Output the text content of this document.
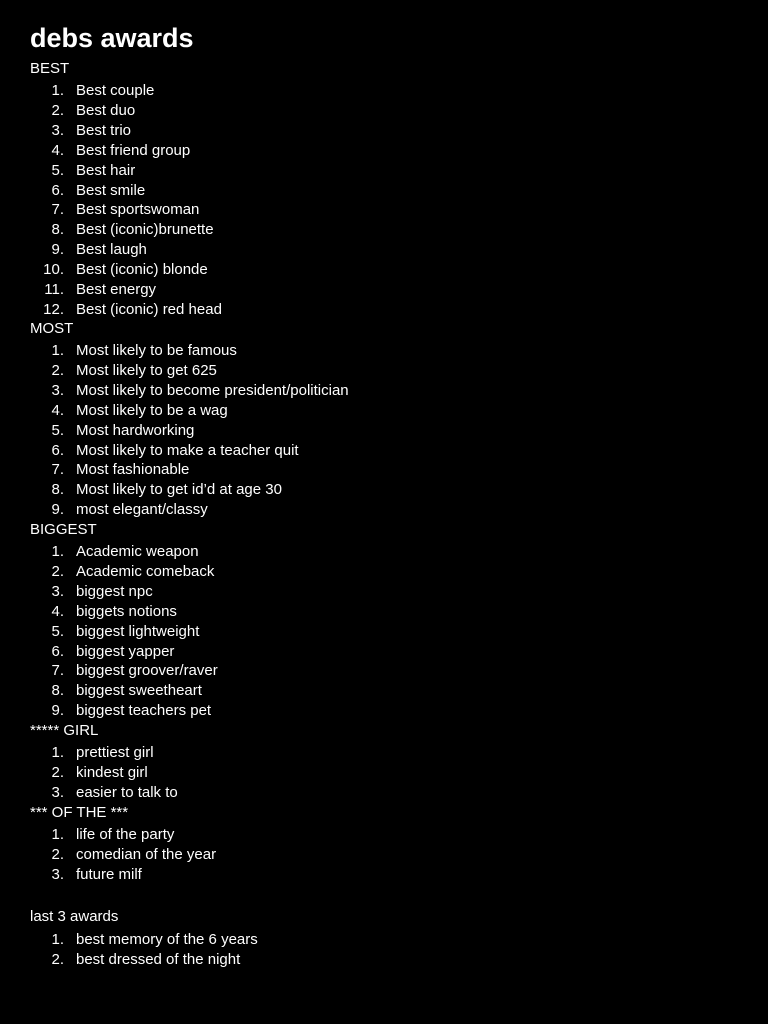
debs awards
BEST
1. Best couple
2. Best duo
3. Best trio
4. Best friend group
5. Best hair
6. Best smile
7. Best sportswoman
8. Best (iconic)brunette
9. Best laugh
10. Best (iconic) blonde
11. Best energy
12. Best (iconic) red head
MOST
1. Most likely to be famous
2. Most likely to get 625
3. Most likely to become president/politician
4. Most likely to be a wag
5. Most hardworking
6. Most likely to make a teacher quit
7. Most fashionable
8. Most likely to get id’d at age 30
9. most elegant/classy
BIGGEST
1. Academic weapon
2. Academic comeback
3. biggest npc
4. biggets notions
5. biggest lightweight
6. biggest yapper
7. biggest groover/raver
8. biggest sweetheart
9. biggest teachers pet
***** GIRL
1. prettiest girl
2. kindest girl
3. easier to talk to
*** OF THE ***
1. life of the party
2. comedian of the year
3. future milf
last 3 awards
1. best memory of the 6 years
2. best dressed of the night
